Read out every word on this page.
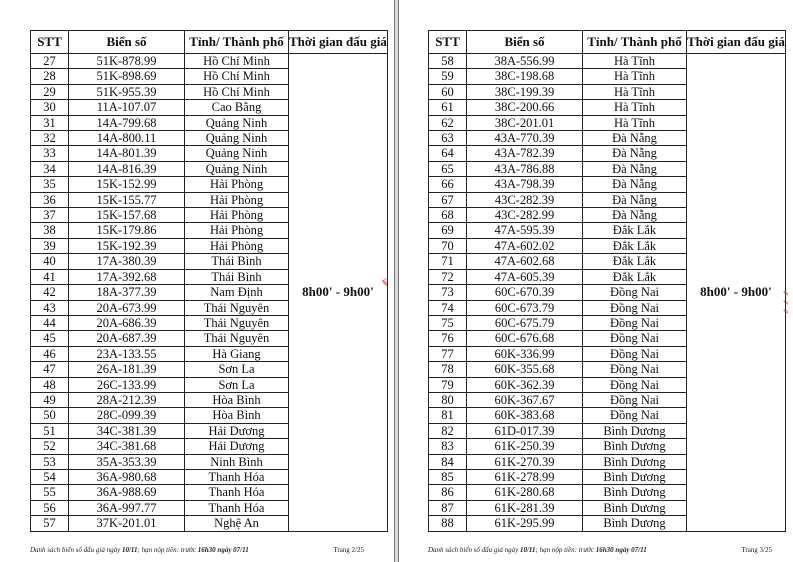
STT	Biển số	Tỉnh/ Thành phố	Thời gian đấu giá
27	51K-878.99	Hồ Chí Minh	8h00' - 9h00'
28	51K-898.69	Hồ Chí Minh	
29	51K-955.39	Hồ Chí Minh	
30	11A-107.07	Cao Bằng	
31	14A-799.68	Quảng Ninh	
32	14A-800.11	Quảng Ninh	
33	14A-801.39	Quảng Ninh	
34	14A-816.39	Quảng Ninh	
35	15K-152.99	Hải Phòng	
36	15K-155.77	Hải Phòng	
37	15K-157.68	Hải Phòng	
38	15K-179.86	Hải Phòng	
39	15K-192.39	Hải Phòng	
40	17A-380.39	Thái Bình	
41	17A-392.68	Thái Bình	
42	18A-377.39	Nam Định	
43	20A-673.99	Thái Nguyên	
44	20A-686.39	Thái Nguyên	
45	20A-687.39	Thái Nguyên	
46	23A-133.55	Hà Giang	
47	26A-181.39	Sơn La	
48	26C-133.99	Sơn La	
49	28A-212.39	Hòa Bình	
50	28C-099.39	Hòa Bình	
51	34C-381.39	Hải Dương	
52	34C-381.68	Hải Dương	
53	35A-353.39	Ninh Bình	
54	36A-980.68	Thanh Hóa	
55	36A-988.69	Thanh Hóa	
56	36A-997.77	Thanh Hóa	
57	37K-201.01	Nghệ An	
Danh sách biển số đấu giá ngày 10/11; hạn nộp tiền: trước 16h30 ngày 07/11	Trang 2/25
STT	Biển số	Tỉnh/ Thành phố	Thời gian đấu giá
58	38A-556.99	Hà Tĩnh	8h00' - 9h00'
59	38C-198.68	Hà Tĩnh	
60	38C-199.39	Hà Tĩnh	
61	38C-200.66	Hà Tĩnh	
62	38C-201.01	Hà Tĩnh	
63	43A-770.39	Đà Nẵng	
64	43A-782.39	Đà Nẵng	
65	43A-786.88	Đà Nẵng	
66	43A-798.39	Đà Nẵng	
67	43C-282.39	Đà Nẵng	
68	43C-282.99	Đà Nẵng	
69	47A-595.39	Đắk Lắk	
70	47A-602.02	Đắk Lắk	
71	47A-602.68	Đắk Lắk	
72	47A-605.39	Đắk Lắk	
73	60C-670.39	Đồng Nai	
74	60C-673.79	Đồng Nai	
75	60C-675.79	Đồng Nai	
76	60C-676.68	Đồng Nai	
77	60K-336.99	Đồng Nai	
78	60K-355.68	Đồng Nai	
79	60K-362.39	Đồng Nai	
80	60K-367.67	Đồng Nai	
81	60K-383.68	Đồng Nai	
82	61D-017.39	Bình Dương	
83	61K-250.39	Bình Dương	
84	61K-270.39	Bình Dương	
85	61K-278.99	Bình Dương	
86	61K-280.68	Bình Dương	
87	61K-281.39	Bình Dương	
88	61K-295.99	Bình Dương	
Danh sách biển số đấu giá ngày 10/11; hạn nộp tiền: trước 16h30 ngày 07/11	Trang 3/25
✍
✎
✎
✎
